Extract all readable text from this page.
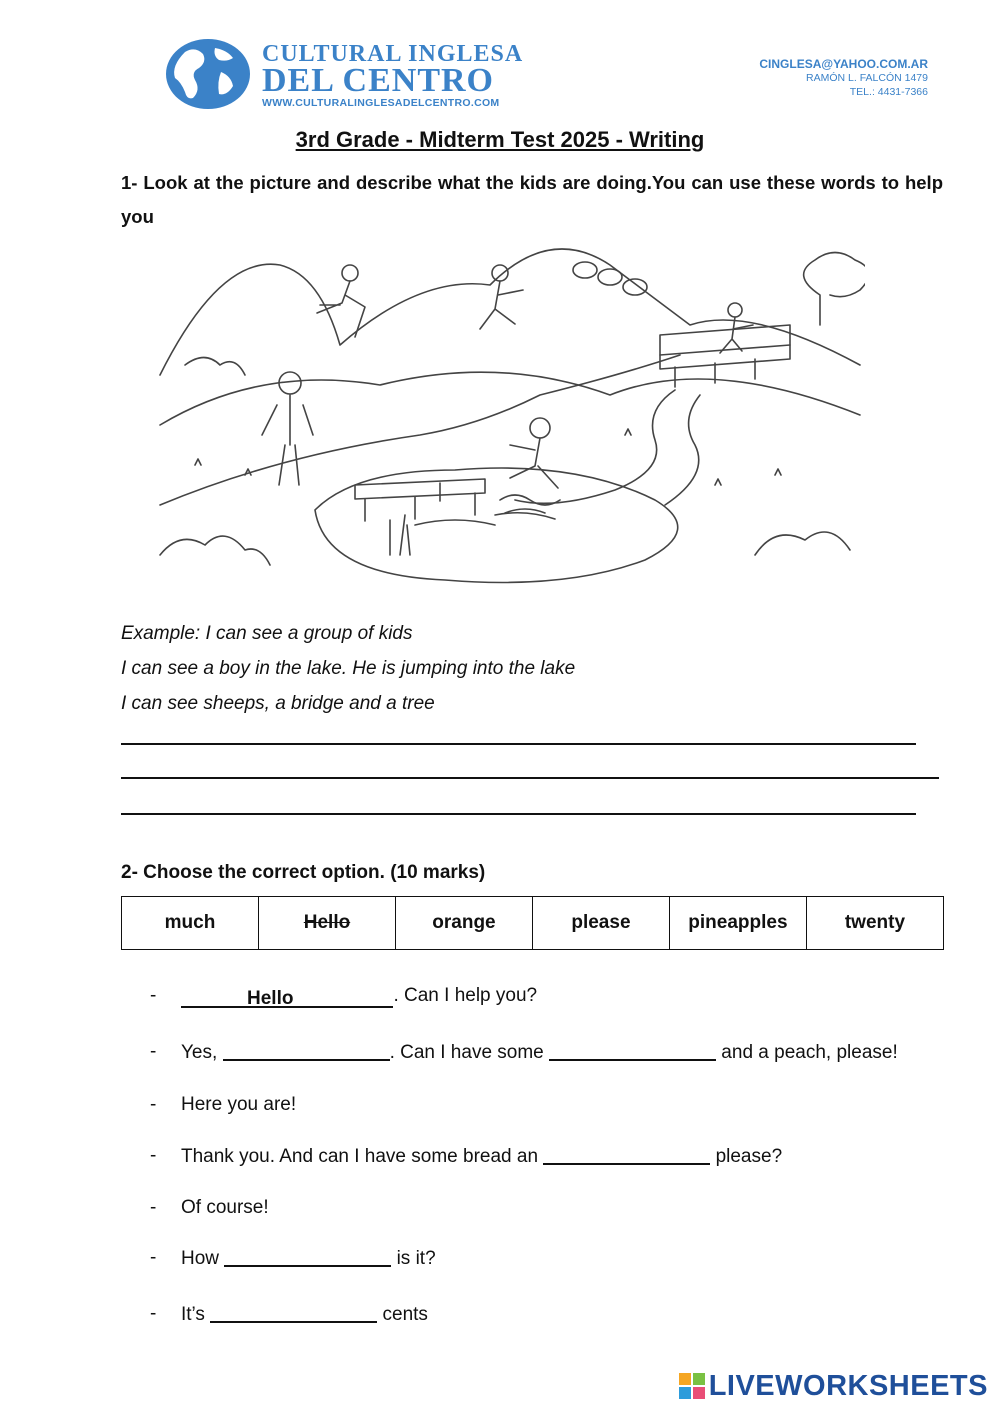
CULTURAL INGLESA
DEL CENTRO
WWW.CULTURALINGLESADELCENTRO.COM
CINGLESA@YAHOO.COM.AR
RAMÓN L. FALCÓN 1479
TEL.: 4431-7366
3rd Grade - Midterm Test 2025 - Writing
1- Look at the picture and describe what the kids are doing.You can use these words to help you
Example: I can see a group of kids
I can see a boy in the lake. He is jumping into the lake
I can see sheeps, a bridge and a tree
2- Choose the correct option. (10 marks)
much	Hello	orange	please	pineapples	twenty
-	Hello	. Can I help you?
- Yes,	. Can I have some	and a peach, please!
- Here you are!
- Thank you. And can I have some bread an	please?
- Of course!
- How	is it?
- It’s	cents
LIVEWORKSHEETS
